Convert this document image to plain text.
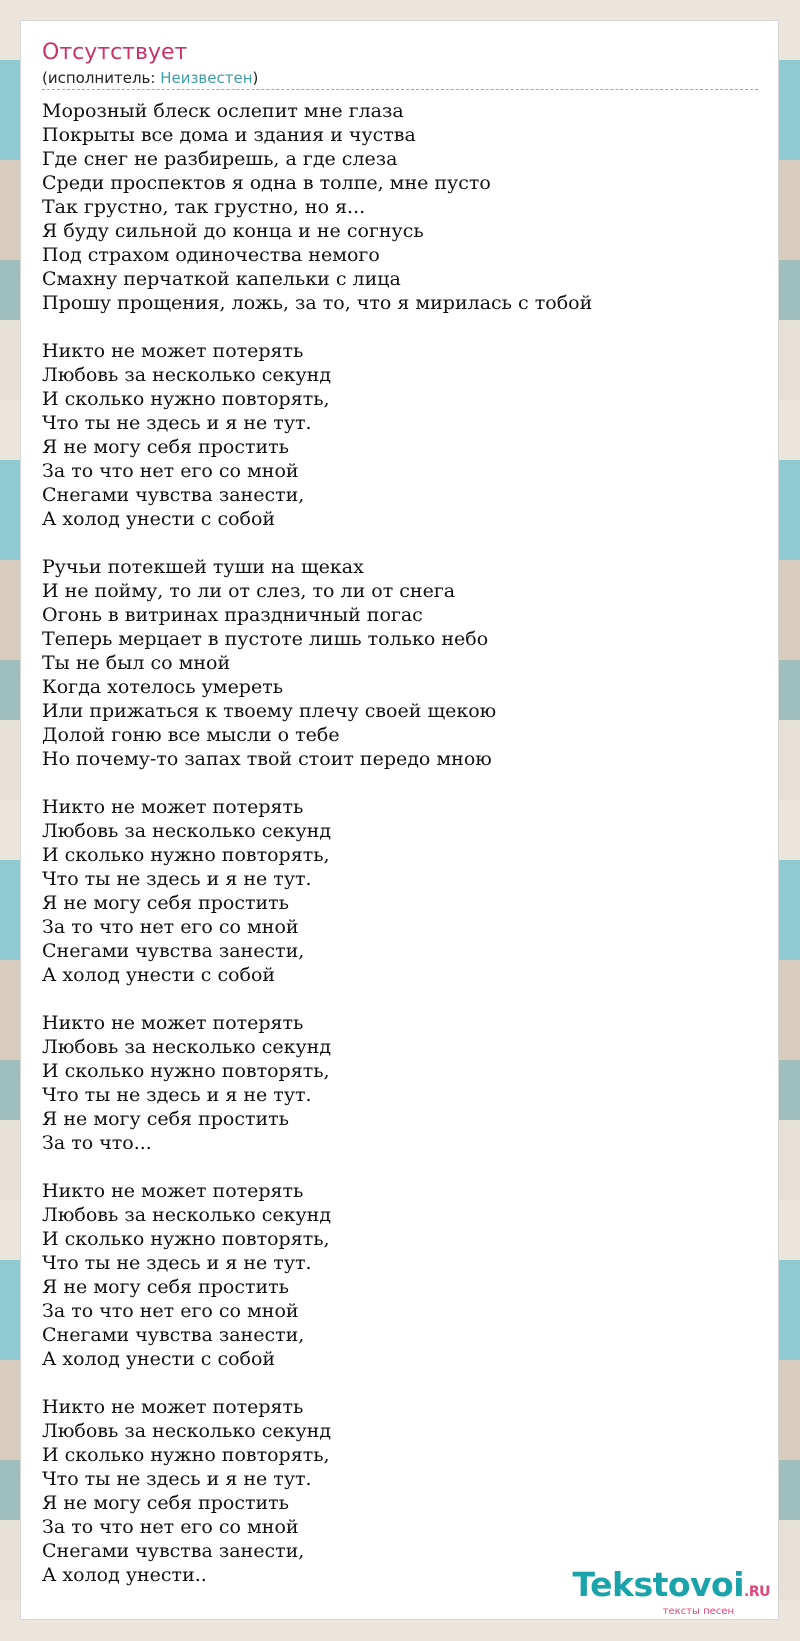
Отсутствует
(исполнитель: Неизвестен)
Морозный блеск ослепит мне глаза
Покрыты все дома и здания и чуства
Где снег не разбирешь, а где слеза
Среди проспектов я одна в толпе, мне пусто
Так грустно, так грустно, но я...
Я буду сильной до конца и не согнусь
Под страхом одиночества немого
Смахну перчаткой капельки с лица
Прошу прощения, ложь, за то, что я мирилась с тобой
Никто не может потерять
Любовь за несколько секунд
И сколько нужно повторять,
Что ты не здесь и я не тут.
Я не могу себя простить
За то что нет его со мной
Снегами чувства занести,
А холод унести с собой
Ручьи потекшей туши на щеках
И не пойму, то ли от слез, то ли от снега
Огонь в витринах праздничный погас
Теперь мерцает в пустоте лишь только небо
Ты не был со мной
Когда хотелось умереть
Или прижаться к твоему плечу своей щекою
Долой гоню все мысли о тебе
Но почему-то запах твой стоит передо мною
Никто не может потерять
Любовь за несколько секунд
И сколько нужно повторять,
Что ты не здесь и я не тут.
Я не могу себя простить
За то что нет его со мной
Снегами чувства занести,
А холод унести с собой
Никто не может потерять
Любовь за несколько секунд
И сколько нужно повторять,
Что ты не здесь и я не тут.
Я не могу себя простить
За то что...
Никто не может потерять
Любовь за несколько секунд
И сколько нужно повторять,
Что ты не здесь и я не тут.
Я не могу себя простить
За то что нет его со мной
Снегами чувства занести,
А холод унести с собой
Никто не может потерять
Любовь за несколько секунд
И сколько нужно повторять,
Что ты не здесь и я не тут.
Я не могу себя простить
За то что нет его со мной
Снегами чувства занести,
А холод унести..	Tekstovoi.RU
тексты песен
